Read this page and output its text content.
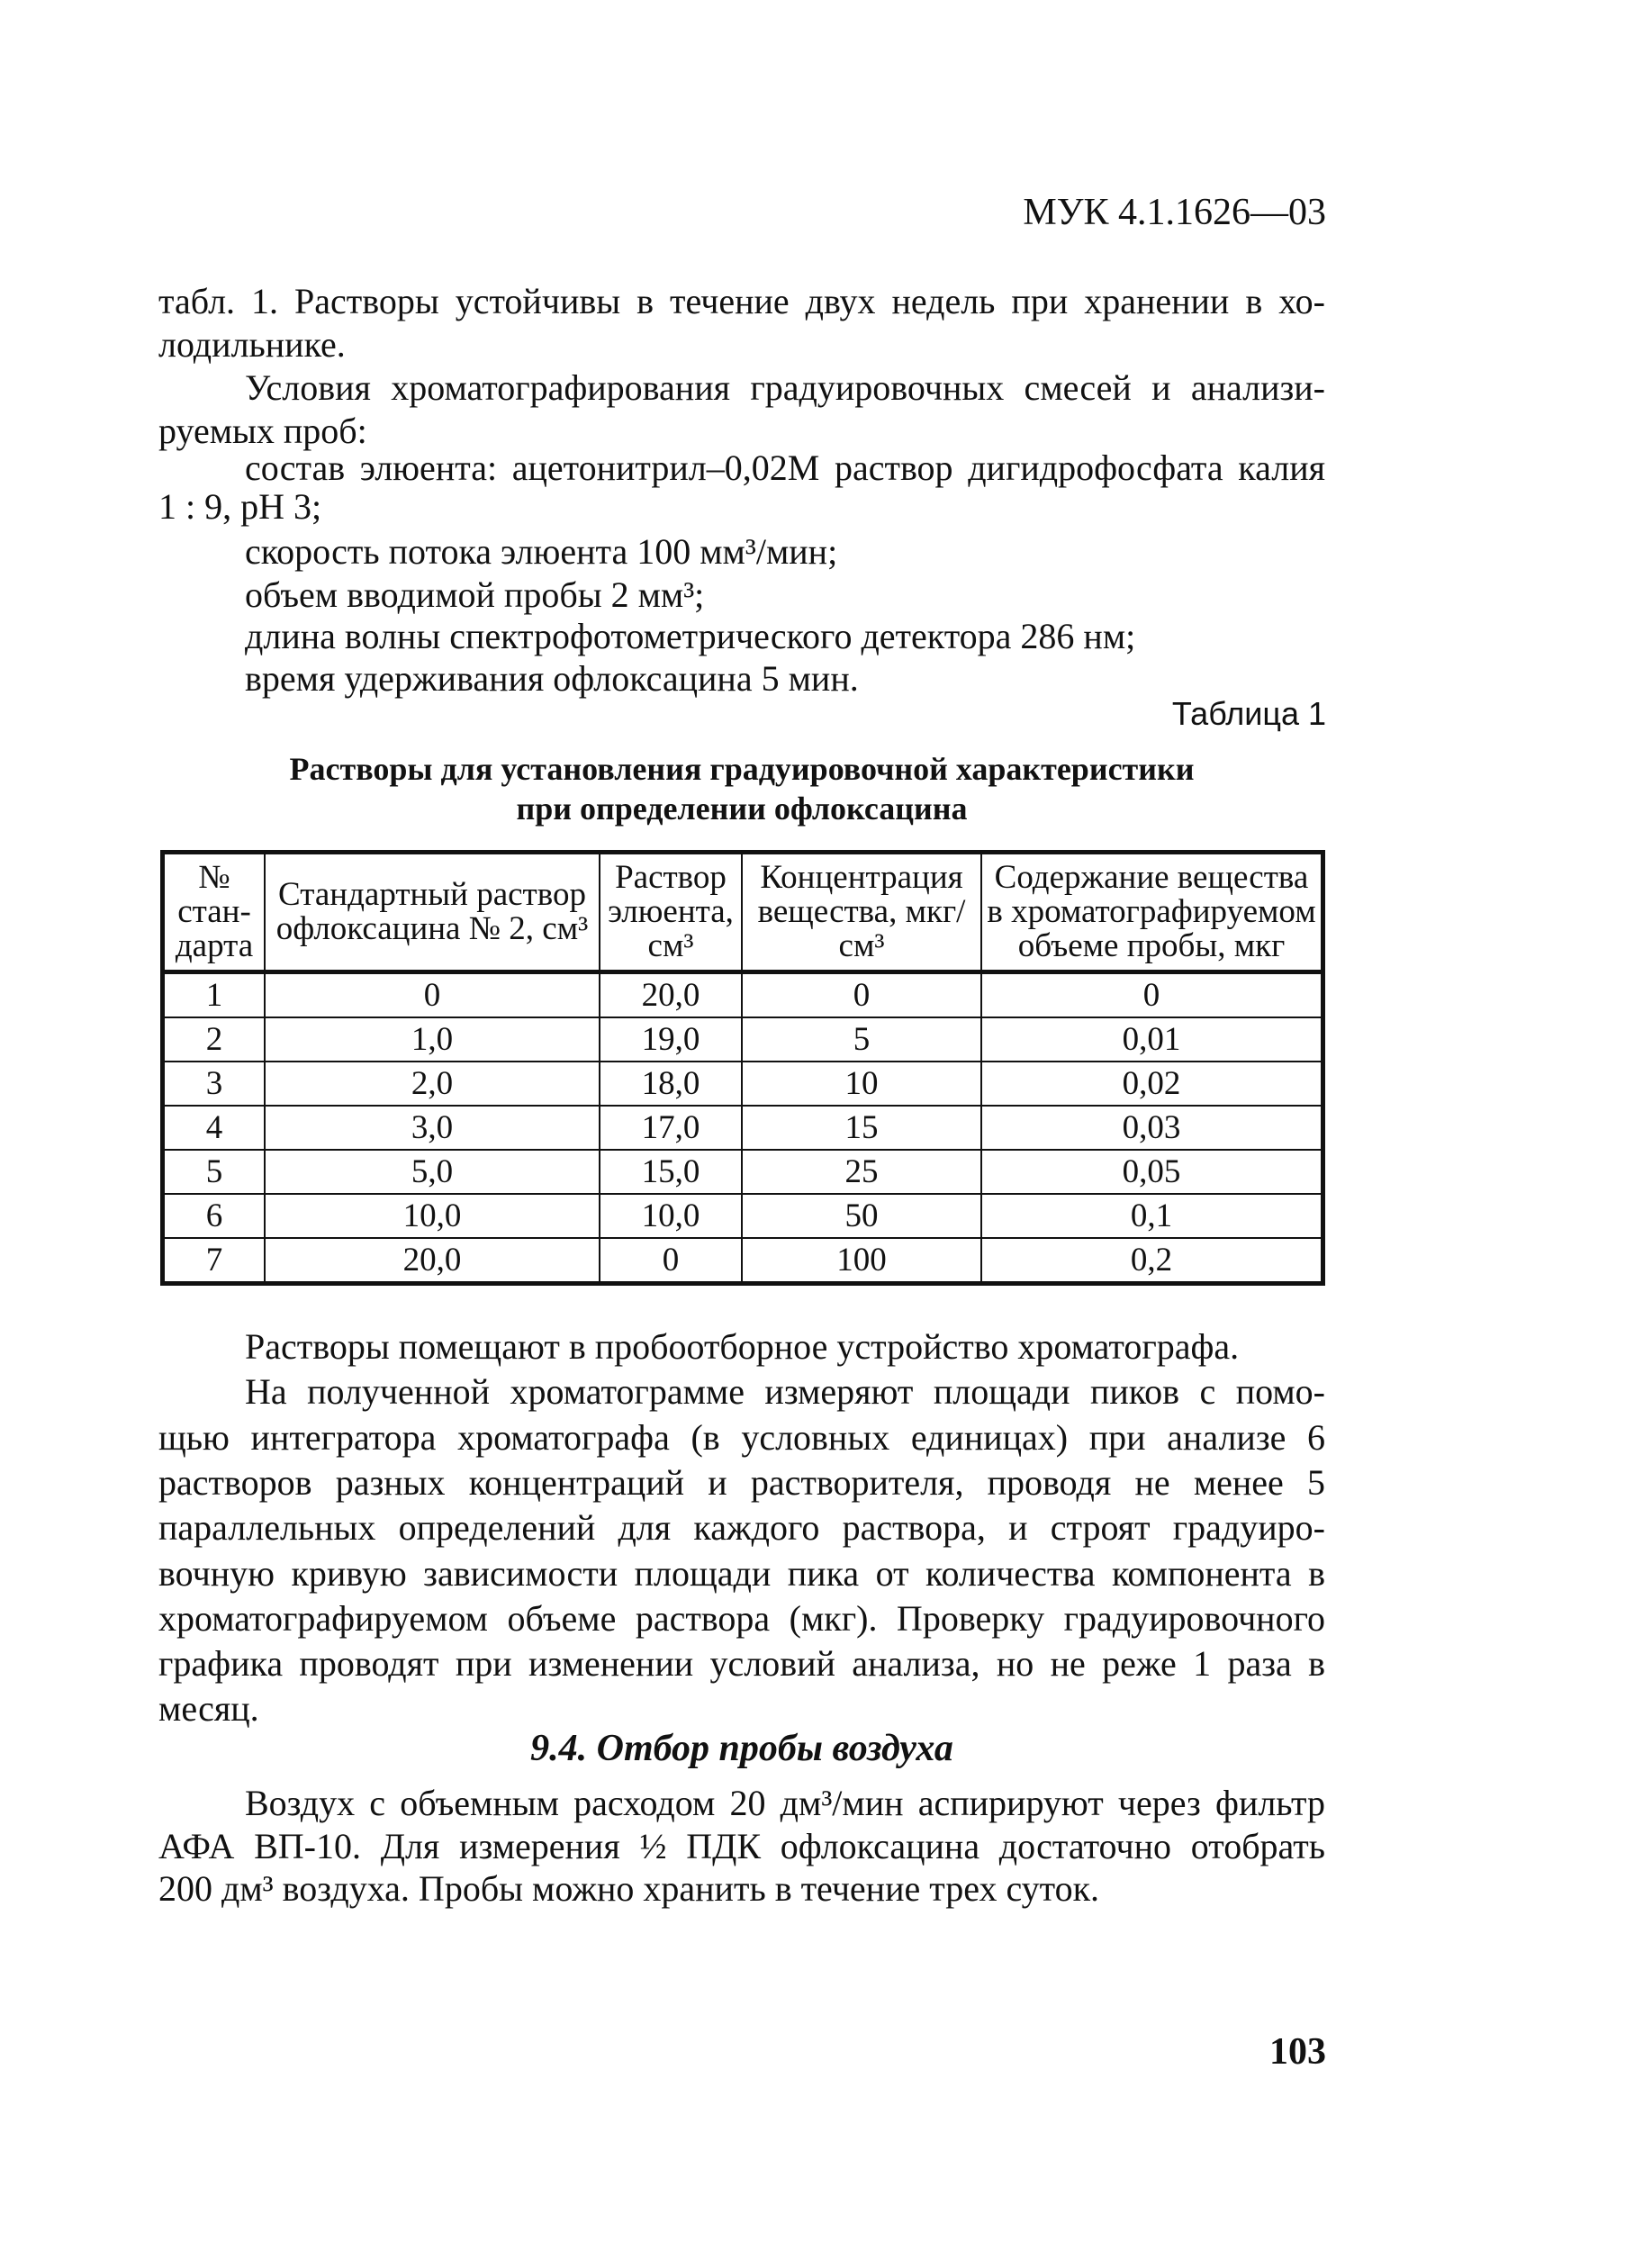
МУК 4.1.1626—03
табл. 1. Растворы устойчивы в течение двух недель при хранении в хо-
лодильнике.
Условия хроматографирования градуировочных смесей и анализи-
руемых проб:
состав элюента: ацетонитрил–0,02М раствор дигидрофосфата калия
1 : 9, pH 3;
скорость потока элюента 100 мм³/мин;
объем вводимой пробы 2 мм³;
длина волны спектрофотометрического детектора 286 нм;
время удерживания офлоксацина 5 мин.
Таблица 1
Растворы для установления градуировочной характеристики
при определении офлоксацина
№ стан-дарта	Стандартный раствор офлоксацина № 2, см³	Раствор элюента, см³	Концентрация вещества, мкг/см³	Содержание вещества в хроматографируемом объеме пробы, мкг
1	0	20,0	0	0
2	1,0	19,0	5	0,01
3	2,0	18,0	10	0,02
4	3,0	17,0	15	0,03
5	5,0	15,0	25	0,05
6	10,0	10,0	50	0,1
7	20,0	0	100	0,2
Растворы помещают в пробоотборное устройство хроматографа.
На полученной хроматограмме измеряют площади пиков с помо-
щью интегратора хроматографа (в условных единицах) при анализе 6
растворов разных концентраций и растворителя, проводя не менее 5
параллельных определений для каждого раствора, и строят градуиро-
вочную кривую зависимости площади пика от количества компонента в
хроматографируемом объеме раствора (мкг). Проверку градуировочного
графика проводят при изменении условий анализа, но не реже 1 раза в
месяц.
9.4. Отбор пробы воздуха
Воздух с объемным расходом 20 дм³/мин аспирируют через фильтр
АФА ВП-10. Для измерения ½ ПДК офлоксацина достаточно отобрать
200 дм³ воздуха. Пробы можно хранить в течение трех суток.
103
